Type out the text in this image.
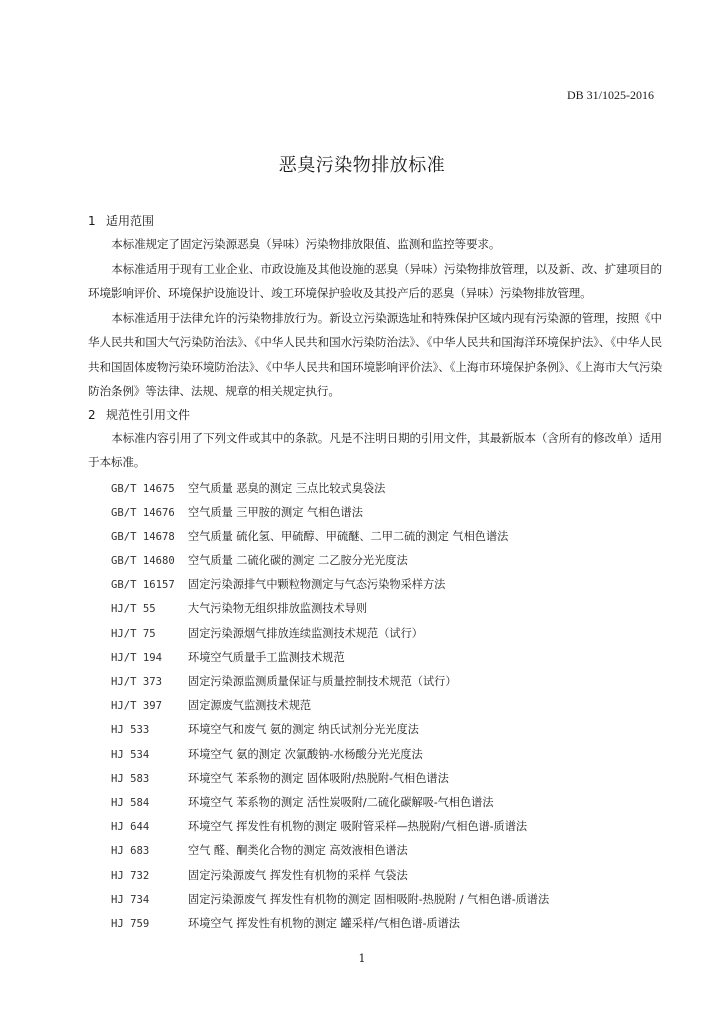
DB 31/1025-2016
恶臭污染物排放标准
1 适用范围

本标准规定了固定污染源恶臭（异味）污染物排放限值、监测和监控等要求。

本标准适用于现有工业企业、市政设施及其他设施的恶臭（异味）污染物排放管理，以及新、改、扩建项目的环境影响评价、环境保护设施设计、竣工环境保护验收及其投产后的恶臭（异味）污染物排放管理。

本标准适用于法律允许的污染物排放行为。新设立污染源选址和特殊保护区域内现有污染源的管理，按照《中华人民共和国大气污染防治法》、《中华人民共和国水污染防治法》、《中华人民共和国海洋环境保护法》、《中华人民共和国固体废物污染环境防治法》、《中华人民共和国环境影响评价法》、《上海市环境保护条例》、《上海市大气污染防治条例》等法律、法规、规章的相关规定执行。

2 规范性引用文件

本标准内容引用了下列文件或其中的条款。凡是不注明日期的引用文件，其最新版本（含所有的修改单）适用于本标准。

GB/T 14675 空气质量 恶臭的测定 三点比较式臭袋法
GB/T 14676 空气质量 三甲胺的测定 气相色谱法
GB/T 14678 空气质量 硫化氢、甲硫醇、甲硫醚、二甲二硫的测定 气相色谱法
GB/T 14680 空气质量 二硫化碳的测定 二乙胺分光光度法
GB/T 16157 固定污染源排气中颗粒物测定与气态污染物采样方法
HJ/T 55	大气污染物无组织排放监测技术导则
HJ/T 75	固定污染源烟气排放连续监测技术规范（试行）
HJ/T 194 环境空气质量手工监测技术规范
HJ/T 373 固定污染源监测质量保证与质量控制技术规范（试行）
HJ/T 397 固定源废气监测技术规范
HJ 533	环境空气和废气 氨的测定 纳氏试剂分光光度法
HJ 534	环境空气 氨的测定 次氯酸钠-水杨酸分光光度法
HJ 583	环境空气 苯系物的测定 固体吸附/热脱附-气相色谱法
HJ 584	环境空气 苯系物的测定 活性炭吸附/二硫化碳解吸-气相色谱法
HJ 644	环境空气 挥发性有机物的测定 吸附管采样—热脱附/气相色谱-质谱法
HJ 683	空气 醛、酮类化合物的测定 高效液相色谱法
HJ 732	固定污染源废气 挥发性有机物的采样 气袋法
HJ 734	固定污染源废气 挥发性有机物的测定 固相吸附-热脱附 / 气相色谱-质谱法
HJ 759	环境空气 挥发性有机物的测定 罐采样/气相色谱-质谱法
1
